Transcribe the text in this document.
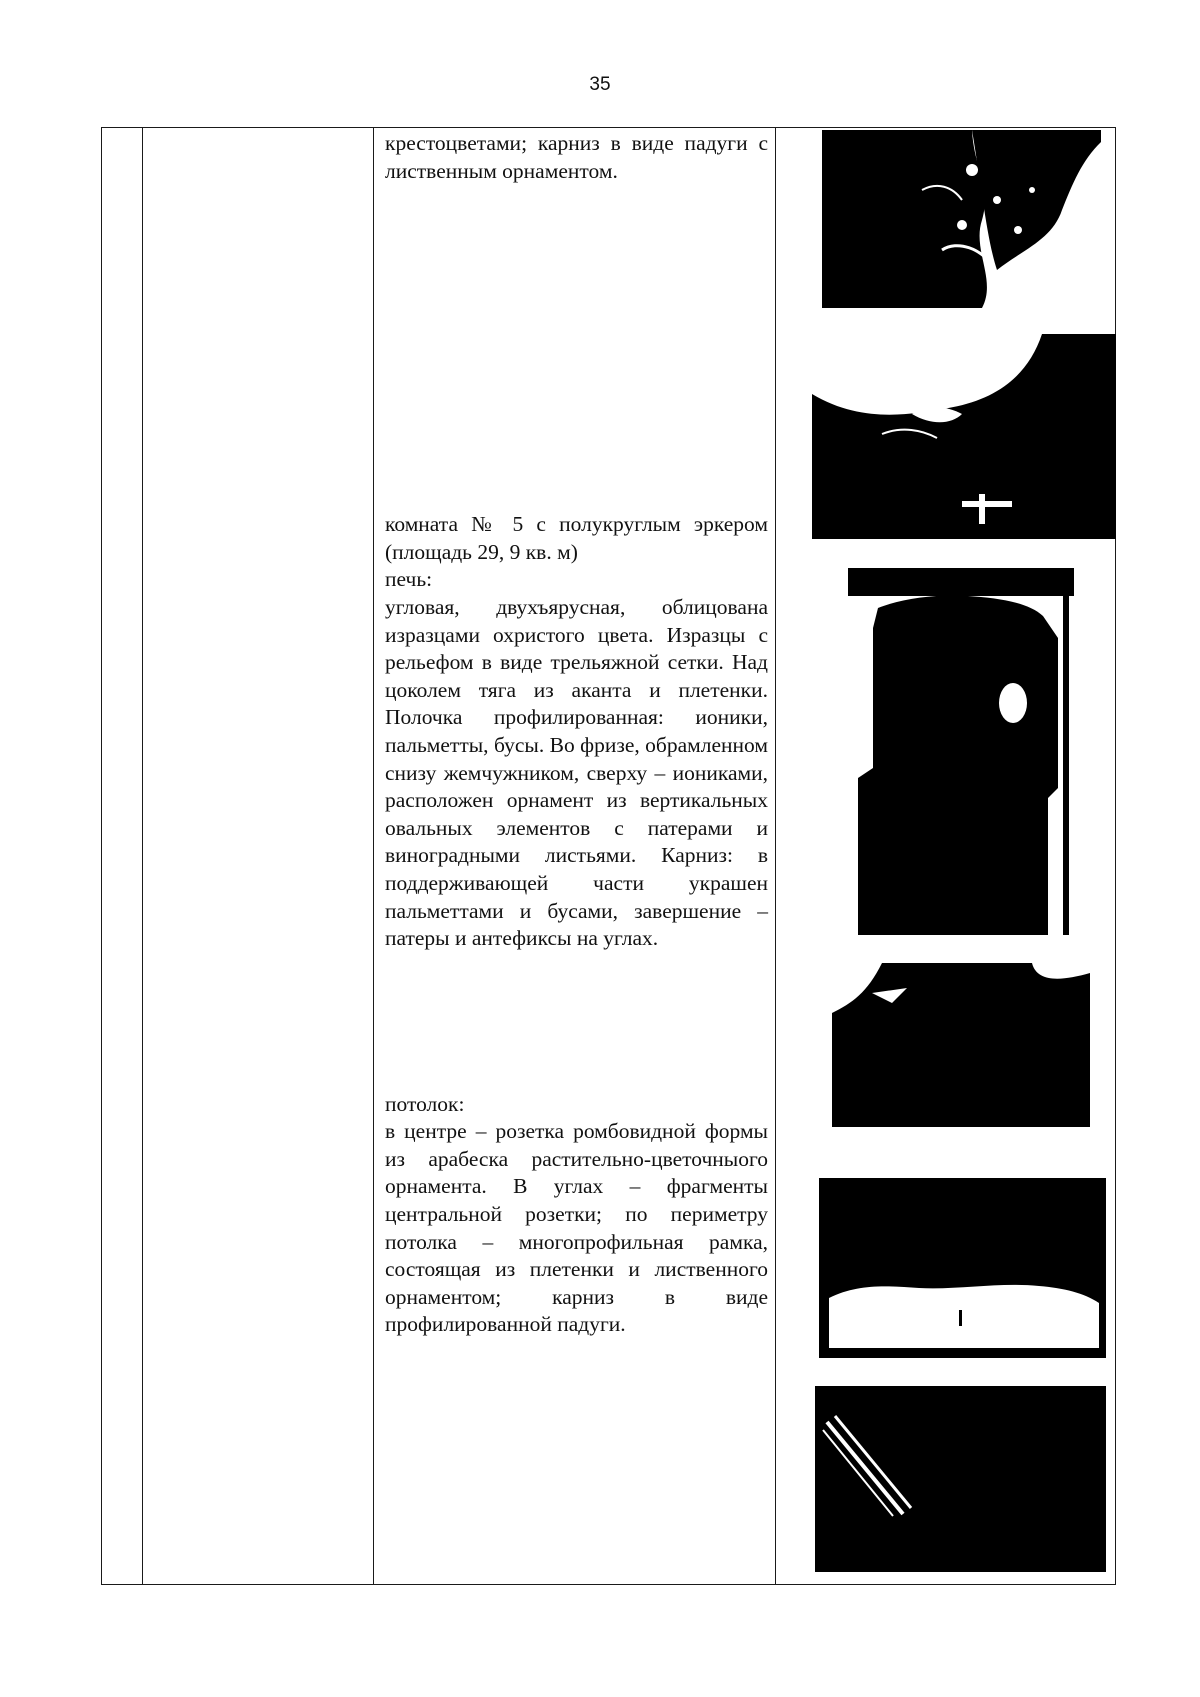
35

крестоцветами; карниз в виде падуги с лиственным орнаментом.

комната № 5 с полукруглым эркером (площадь 29, 9 кв. м)

печь:

угловая, двухъярусная, облицована изразцами охристого цвета. Изразцы с рельефом в виде трельяжной сетки. Над цоколем тяга из аканта и плетенки. Полочка профилированная: ионики, пальметты, бусы. Во фризе, обрамленном снизу жемчужником, сверху – иониками, расположен орнамент из вертикальных овальных элементов с патерами и виноградными листьями. Карниз: в поддерживающей части украшен пальметтами и бусами, завершение – патеры и антефиксы на углах.

потолок:

в центре – розетка ромбовидной формы из арабеска растительно-цветочныого орнамента. В углах – фрагменты центральной розетки; по периметру потолка – многопрофильная рамка, состоящая из плетенки и лиственного орнаментом; карниз в виде профилированной падуги.
